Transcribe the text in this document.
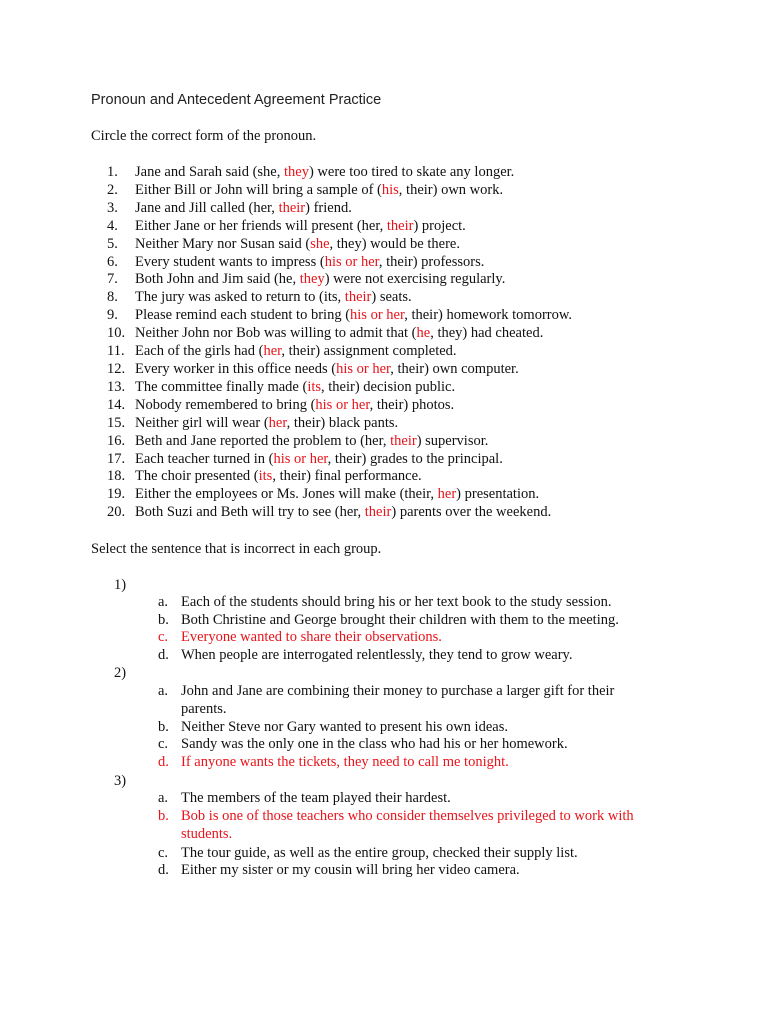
Pronoun and Antecedent Agreement Practice
Circle the correct form of the pronoun.
1. Jane and Sarah said (she, they) were too tired to skate any longer.
2. Either Bill or John will bring a sample of (his, their) own work.
3. Jane and Jill called (her, their) friend.
4. Either Jane or her friends will present (her, their) project.
5. Neither Mary nor Susan said (she, they) would be there.
6. Every student wants to impress (his or her, their) professors.
7. Both John and Jim said (he, they) were not exercising regularly.
8. The jury was asked to return to (its, their) seats.
9. Please remind each student to bring (his or her, their) homework tomorrow.
10. Neither John nor Bob was willing to admit that (he, they) had cheated.
11. Each of the girls had (her, their) assignment completed.
12. Every worker in this office needs (his or her, their) own computer.
13. The committee finally made (its, their) decision public.
14. Nobody remembered to bring (his or her, their) photos.
15. Neither girl will wear (her, their) black pants.
16. Beth and Jane reported the problem to (her, their) supervisor.
17. Each teacher turned in (his or her, their) grades to the principal.
18. The choir presented (its, their) final performance.
19. Either the employees or Ms. Jones will make (their, her) presentation.
20. Both Suzi and Beth will try to see (her, their) parents over the weekend.
Select the sentence that is incorrect in each group.
1)
a. Each of the students should bring his or her text book to the study session.
b. Both Christine and George brought their children with them to the meeting.
c. Everyone wanted to share their observations.
d. When people are interrogated relentlessly, they tend to grow weary.
2)
a. John and Jane are combining their money to purchase a larger gift for their parents.
b. Neither Steve nor Gary wanted to present his own ideas.
c. Sandy was the only one in the class who had his or her homework.
d. If anyone wants the tickets, they need to call me tonight.
3)
a. The members of the team played their hardest.
b. Bob is one of those teachers who consider themselves privileged to work with students.
c. The tour guide, as well as the entire group, checked their supply list.
d. Either my sister or my cousin will bring her video camera.
